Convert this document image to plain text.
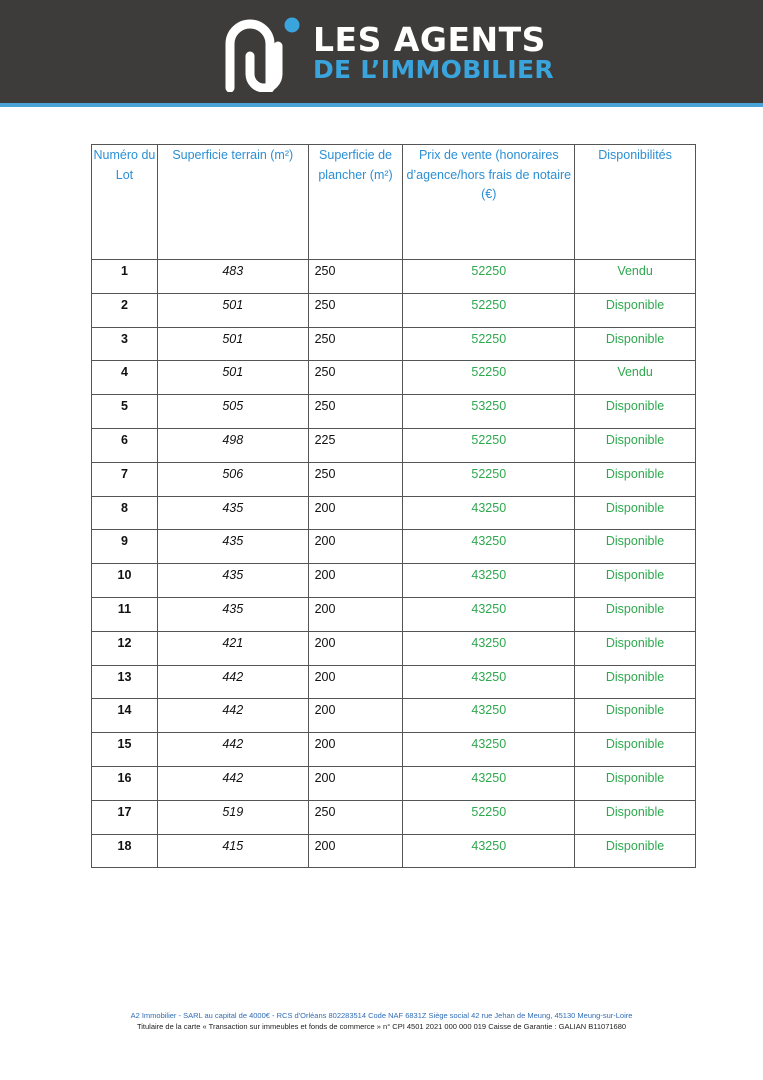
LES AGENTS
DE L’IMMOBILIER
Numéro du Lot	Superficie terrain (m²)	Superficie de plancher (m²)	Prix de vente (honoraires d’agence/hors frais de notaire (€)	Disponibilités
1	483	250	52250	Vendu
2	501	250	52250	Disponible
3	501	250	52250	Disponible
4	501	250	52250	Vendu
5	505	250	53250	Disponible
6	498	225	52250	Disponible
7	506	250	52250	Disponible
8	435	200	43250	Disponible
9	435	200	43250	Disponible
10	435	200	43250	Disponible
11	435	200	43250	Disponible
12	421	200	43250	Disponible
13	442	200	43250	Disponible
14	442	200	43250	Disponible
15	442	200	43250	Disponible
16	442	200	43250	Disponible
17	519	250	52250	Disponible
18	415	200	43250	Disponible
A2 Immobilier - SARL au capital de 4000€ - RCS d'Orléans 802283514 Code NAF 6831Z Siège social 42 rue Jehan de Meung, 45130 Meung-sur-Loire
Titulaire de la carte « Transaction sur immeubles et fonds de commerce » n° CPI 4501 2021 000 000 019 Caisse de Garantie : GALIAN B11071680
